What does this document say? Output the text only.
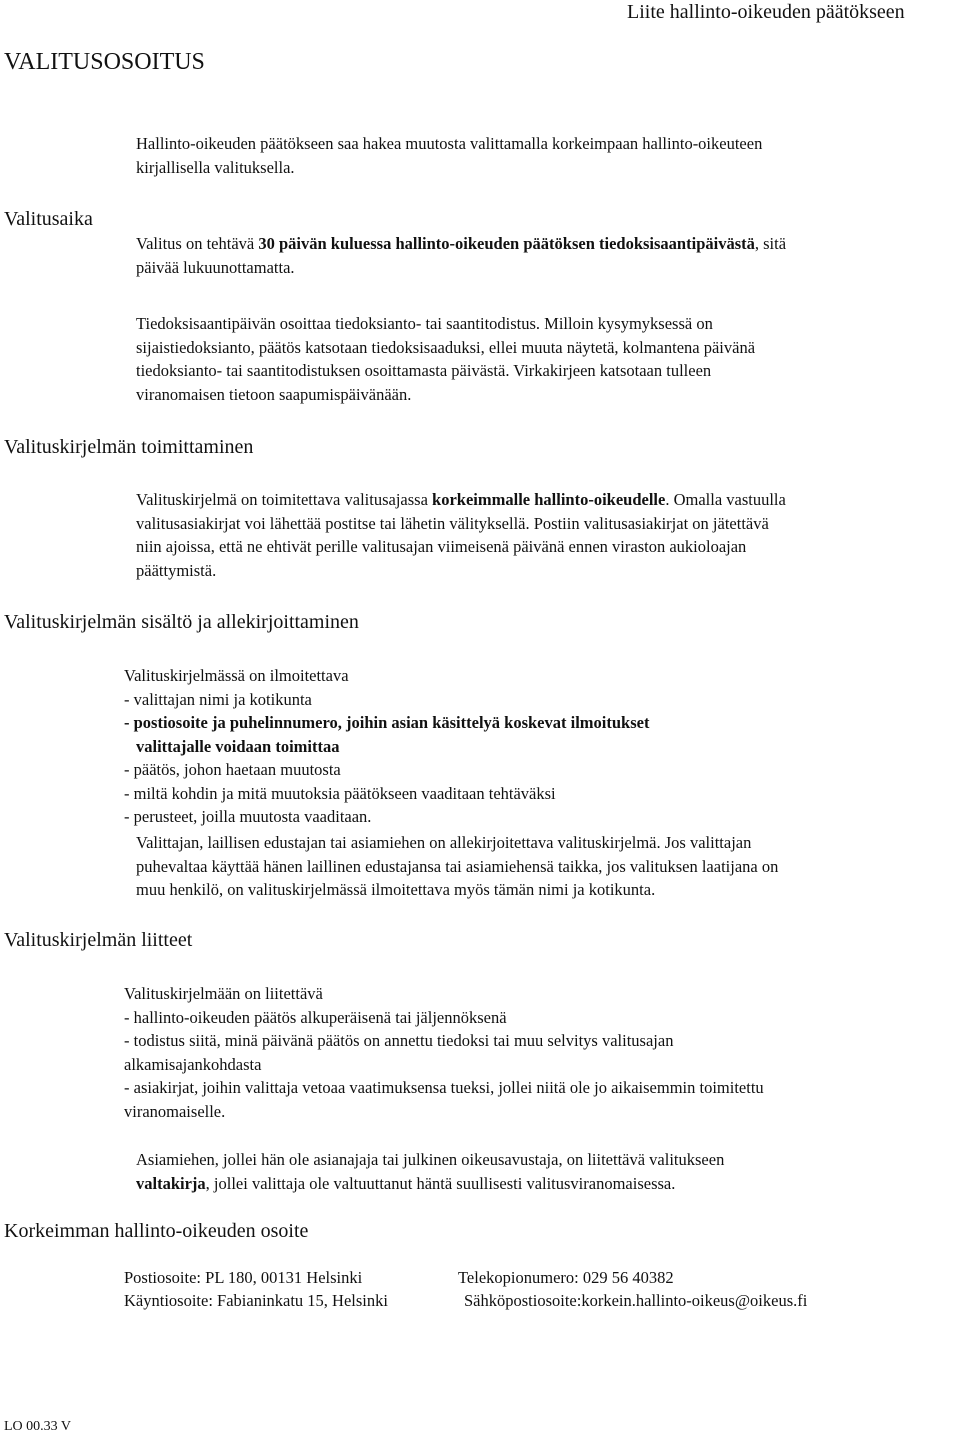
Liite hallinto-oikeuden päätökseen
VALITUSOSOITUS
Hallinto-oikeuden päätökseen saa hakea muutosta valittamalla korkeimpaan hallinto-oikeuteen
kirjallisella valituksella.
Valitusaika
Valitus on tehtävä 30 päivän kuluessa hallinto-oikeuden päätöksen tiedoksisaantipäivästä, sitä
päivää lukuunottamatta.
Tiedoksisaantipäivän osoittaa tiedoksianto- tai saantitodistus. Milloin kysymyksessä on
sijaistiedoksianto, päätös katsotaan tiedoksisaaduksi, ellei muuta näytetä, kolmantena päivänä
tiedoksianto- tai saantitodistuksen osoittamasta päivästä. Virkakirjeen katsotaan tulleen
viranomaisen tietoon saapumispäivänään.
Valituskirjelmän toimittaminen
Valituskirjelmä on toimitettava valitusajassa korkeimmalle hallinto-oikeudelle. Omalla vastuulla
valitusasiakirjat voi lähettää postitse tai lähetin välityksellä. Postiin valitusasiakirjat on jätettävä
niin ajoissa, että ne ehtivät perille valitusajan viimeisenä päivänä ennen viraston aukioloajan
päättymistä.
Valituskirjelmän sisältö ja allekirjoittaminen
Valituskirjelmässä on ilmoitettava
- valittajan nimi ja kotikunta
- postiosoite ja puhelinnumero, joihin asian käsittelyä koskevat ilmoitukset
valittajalle voidaan toimittaa
- päätös, johon haetaan muutosta
- miltä kohdin ja mitä muutoksia päätökseen vaaditaan tehtäväksi
- perusteet, joilla muutosta vaaditaan.
Valittajan, laillisen edustajan tai asiamiehen on allekirjoitettava valituskirjelmä. Jos valittajan
puhevaltaa käyttää hänen laillinen edustajansa tai asiamiehensä taikka, jos valituksen laatijana on
muu henkilö, on valituskirjelmässä ilmoitettava myös tämän nimi ja kotikunta.
Valituskirjelmän liitteet
Valituskirjelmään on liitettävä
- hallinto-oikeuden päätös alkuperäisenä tai jäljennöksenä
- todistus siitä, minä päivänä päätös on annettu tiedoksi tai muu selvitys valitusajan
alkamisajankohdasta
- asiakirjat, joihin valittaja vetoaa vaatimuksensa tueksi, jollei niitä ole jo aikaisemmin toimitettu
viranomaiselle.
Asiamiehen, jollei hän ole asianajaja tai julkinen oikeusavustaja, on liitettävä valitukseen
valtakirja, jollei valittaja ole valtuuttanut häntä suullisesti valitusviranomaisessa.
Korkeimman hallinto-oikeuden osoite
Postiosoite: PL 180, 00131 Helsinki	Telekopionumero: 029 56 40382
Käyntiosoite: Fabianinkatu 15, Helsinki	Sähköpostiosoite:korkein.hallinto-oikeus@oikeus.fi
LO 00.33 V
